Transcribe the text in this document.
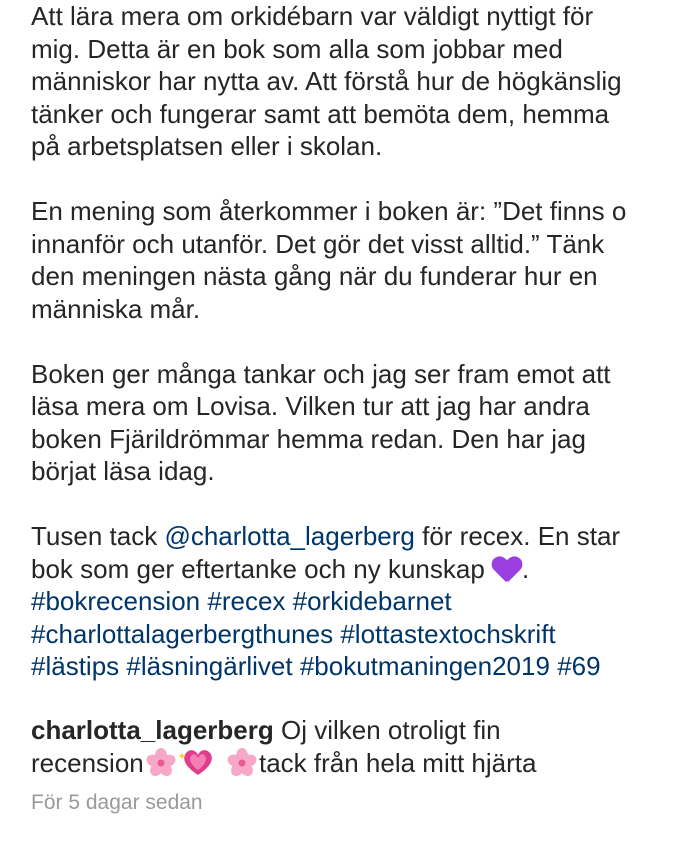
Att lära mera om orkidébarn var väldigt nyttigt för
mig. Detta är en bok som alla som jobbar med
människor har nytta av. Att förstå hur de högkänslig
tänker och fungerar samt att bemöta dem, hemma
på arbetsplatsen eller i skolan.
En mening som återkommer i boken är: ”Det finns o
innanför och utanför. Det gör det visst alltid.” Tänk
den meningen nästa gång när du funderar hur en
människa mår.
Boken ger många tankar och jag ser fram emot att
läsa mera om Lovisa. Vilken tur att jag har andra
boken Fjärildrömmar hemma redan. Den har jag
börjat läsa idag.
Tusen tack @charlotta_lagerberg för recex. En star
bok som ger eftertanke och ny kunskap .
#bokrecension #recex #orkidebarnet
#charlottalagerbergthunes #lottastextochskrift
#lästips #läsningärlivet #bokutmaningen2019 #69
charlotta_lagerberg Oj vilken otroligt fin
recension	tack från hela mitt hjärta
För 5 dagar sedan
